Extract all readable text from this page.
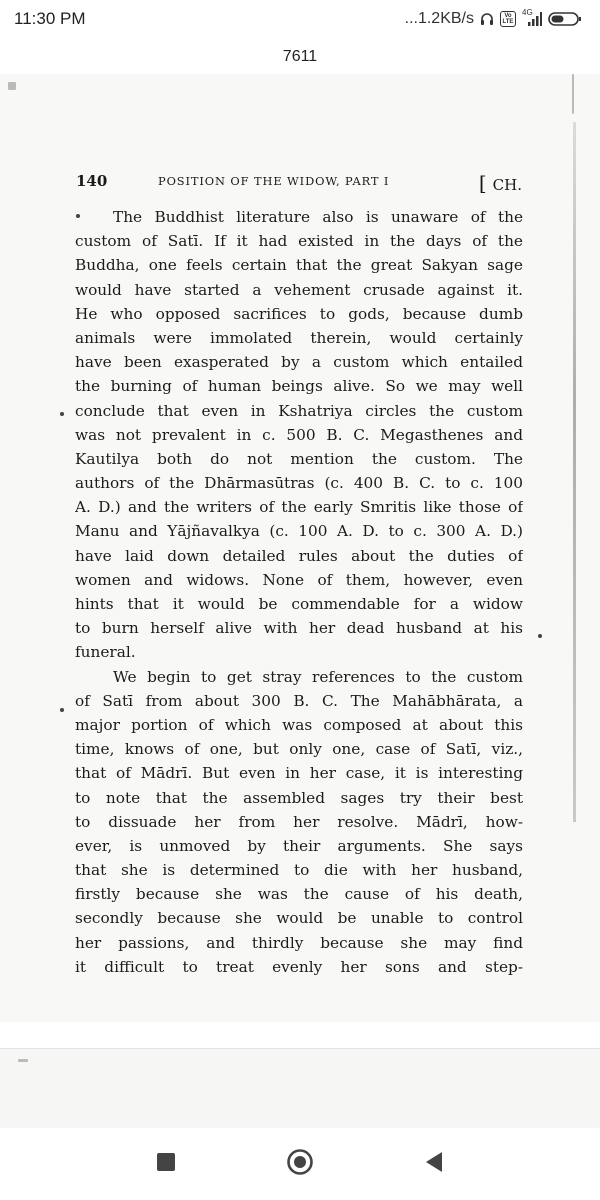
11:30 PM	...1.2KB/s	Vo LTE
4G
7611
140	POSITION OF THE WIDOW, PART I	[ CH.
The Buddhist literature also is unaware of the
custom of Satī. If it had existed in the days of the
Buddha, one feels certain that the great Sakyan sage
would have started a vehement crusade against it.
He who opposed sacrifices to gods, because dumb
animals were immolated therein, would certainly
have been exasperated by a custom which entailed
the burning of human beings alive. So we may well
conclude that even in Kshatriya circles the custom
was not prevalent in c. 500 B. C. Megasthenes and
Kautilya both do not mention the custom. The
authors of the Dhārmasūtras (c. 400 B. C. to c. 100
A. D.) and the writers of the early Smritis like those of
Manu and Yājñavalkya (c. 100 A. D. to c. 300 A. D.)
have laid down detailed rules about the duties of
women and widows. None of them, however, even
hints that it would be commendable for a widow
to burn herself alive with her dead husband at his
funeral.
We begin to get stray references to the custom
of Satī from about 300 B. C. The Mahābhārata, a
major portion of which was composed at about this
time, knows of one, but only one, case of Satī, viz.,
that of Mādrī. But even in her case, it is interesting
to note that the assembled sages try their best
to dissuade her from her resolve. Mādrī, how-
ever, is unmoved by their arguments. She says
that she is determined to die with her husband,
firstly because she was the cause of his death,
secondly because she would be unable to control
her passions, and thirdly because she may find
it difficult to treat evenly her sons and step-
